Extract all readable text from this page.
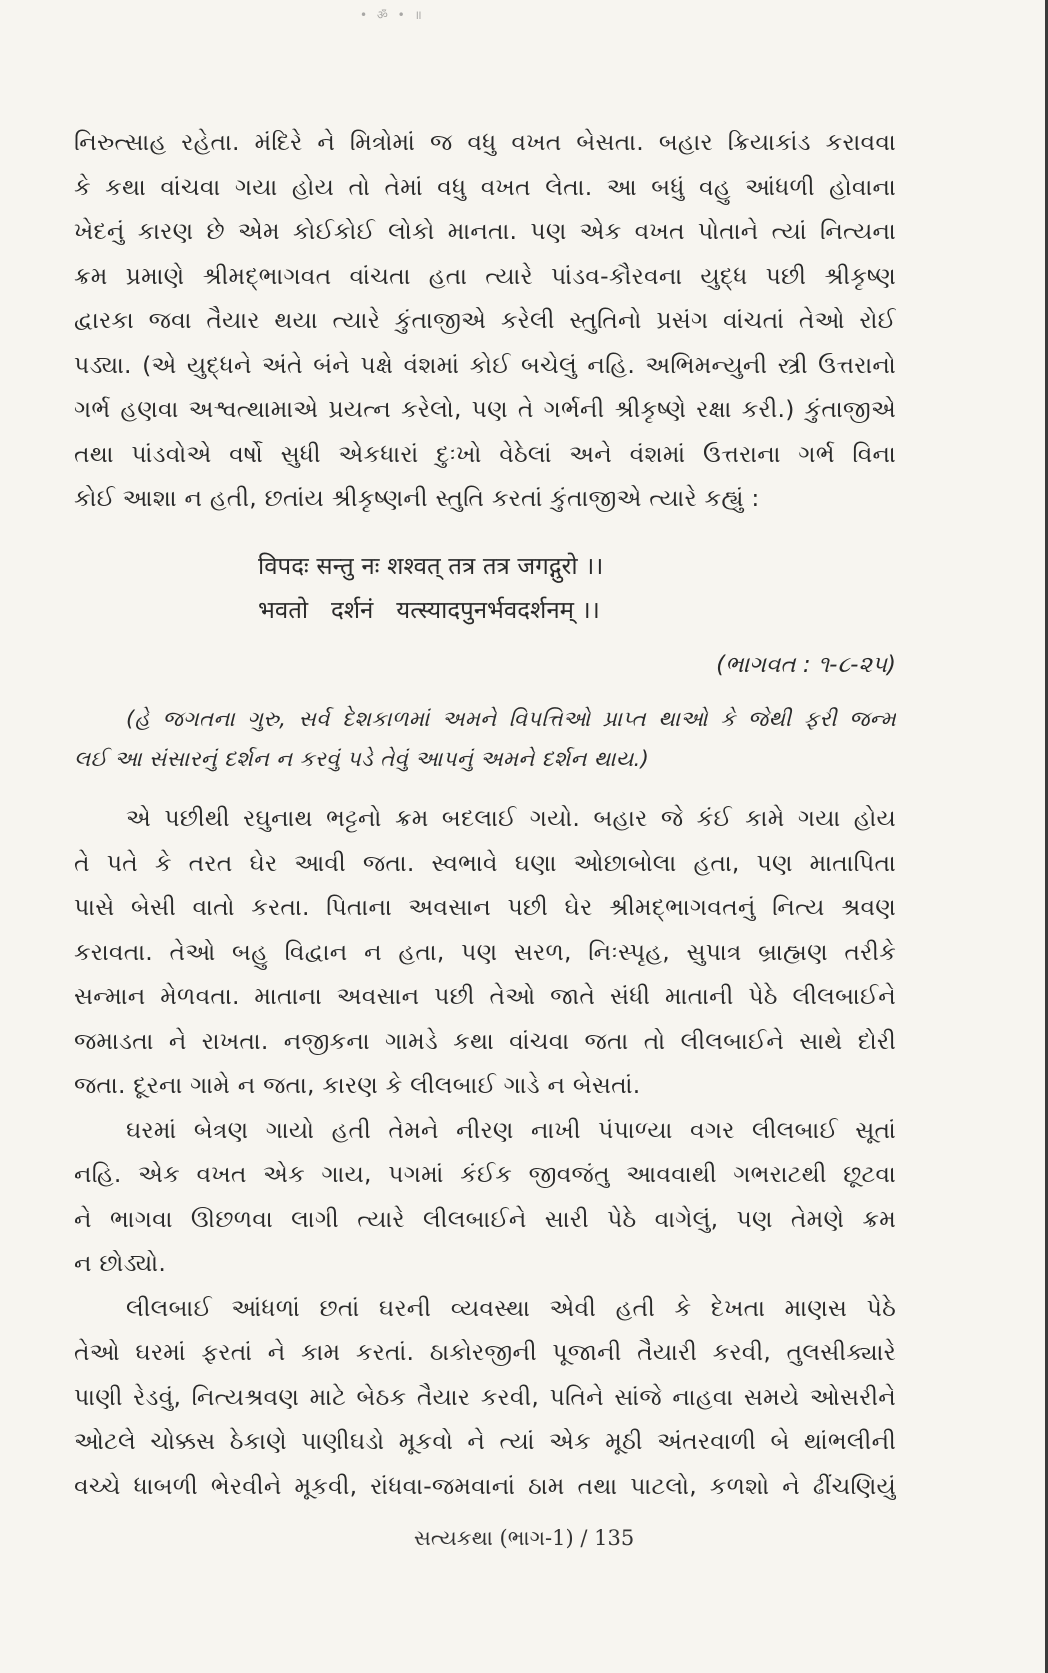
• ॐ • ॥
નિરુત્સાહ રહેતા. મંદિરે ને મિત્રોમાં જ વધુ વખત બેસતા. બહાર ક્રિયાકાંડ કરાવવા
કે કથા વાંચવા ગયા હોય તો તેમાં વધુ વખત લેતા. આ બધું વહુ આંધળી હોવાના
ખેદનું કારણ છે એમ કોઈકોઈ લોકો માનતા. પણ એક વખત પોતાને ત્યાં નિત્યના
ક્રમ પ્રમાણે શ્રીમદ્‌ભાગવત વાંચતા હતા ત્યારે પાંડવ-કૌરવના યુદ્ધ પછી શ્રીકૃષ્ણ
દ્વારકા જવા તૈયાર થયા ત્યારે કુંતાજીએ કરેલી સ્તુતિનો પ્રસંગ વાંચતાં તેઓ રોઈ
પડ્યા. (એ યુદ્ધને અંતે બંને પક્ષે વંશમાં કોઈ બચેલું નહિ. અભિમન્યુની સ્ત્રી ઉત્તરાનો
ગર્ભ હણવા અશ્વત્થામાએ પ્રયત્ન કરેલો, પણ તે ગર્ભની શ્રીકૃષ્ણે રક્ષા કરી.) કુંતાજીએ
તથા પાંડવોએ વર્ષો સુધી એકધારાં દુઃખો વેઠેલાં અને વંશમાં ઉત્તરાના ગર્ભ વિના
કોઈ આશા ન હતી, છતાંય શ્રીકૃષ્ણની સ્તુતિ કરતાં કુંતાજીએ ત્યારે કહ્યું :
विपदः सन्तु नः शश्वत् तत्र तत्र जगद्गुरो ।।
भवतो   दर्शनं   यत्स्यादपुनर्भवदर्शनम् ।।
(ભાગવત : ૧-૮-૨૫)
(હે જગતના ગુરુ, સર્વ દેશકાળમાં અમને વિપત્તિઓ પ્રાપ્ત થાઓ કે જેથી ફરી જન્મ
લઈ આ સંસારનું દર્શન ન કરવું પડે તેવું આપનું અમને દર્શન થાય.)
એ પછીથી રઘુનાથ ભટ્ટનો ક્રમ બદલાઈ ગયો. બહાર જે કંઈ કામે ગયા હોય
તે પતે કે તરત ઘેર આવી જતા. સ્વભાવે ઘણા ઓછાબોલા હતા, પણ માતાપિતા
પાસે બેસી વાતો કરતા. પિતાના અવસાન પછી ઘેર શ્રીમદ્‌ભાગવતનું નિત્ય શ્રવણ
કરાવતા. તેઓ બહુ વિદ્વાન ન હતા, પણ સરળ, નિઃસ્પૃહ, સુપાત્ર બ્રાહ્મણ તરીકે
સન્માન મેળવતા. માતાના અવસાન પછી તેઓ જાતે સંધી માતાની પેઠે લીલબાઈને
જમાડતા ને રાખતા. નજીકના ગામડે કથા વાંચવા જતા તો લીલબાઈને સાથે દોરી
જતા. દૂરના ગામે ન જતા, કારણ કે લીલબાઈ ગાડે ન બેસતાં.
ઘરમાં બેત્રણ ગાયો હતી તેમને નીરણ નાખી પંપાળ્યા વગર લીલબાઈ સૂતાં
નહિ. એક વખત એક ગાય, પગમાં કંઈક જીવજંતુ આવવાથી ગભરાટથી છૂટવા
ને ભાગવા ઊછળવા લાગી ત્યારે લીલબાઈને સારી પેઠે વાગેલું, પણ તેમણે ક્રમ
ન છોડ્યો.
લીલબાઈ આંધળાં છતાં ઘરની વ્યવસ્થા એવી હતી કે દેખતા માણસ પેઠે
તેઓ ઘરમાં ફરતાં ને કામ કરતાં. ઠાકોરજીની પૂજાની તૈયારી કરવી, તુલસીક્યારે
પાણી રેડવું, નિત્યશ્રવણ માટે બેઠક તૈયાર કરવી, પતિને સાંજે નાહવા સમયે ઓસરીને
ઓટલે ચોક્કસ ઠેકાણે પાણીઘડો મૂકવો ને ત્યાં એક મૂઠી અંતરવાળી બે થાંભલીની
વચ્ચે ધાબળી ભેરવીને મૂકવી, રાંધવા-જમવાનાં ઠામ તથા પાટલો, કળશો ને ઢીંચણિયું
સત્યકથા (ભાગ-1) / 135
